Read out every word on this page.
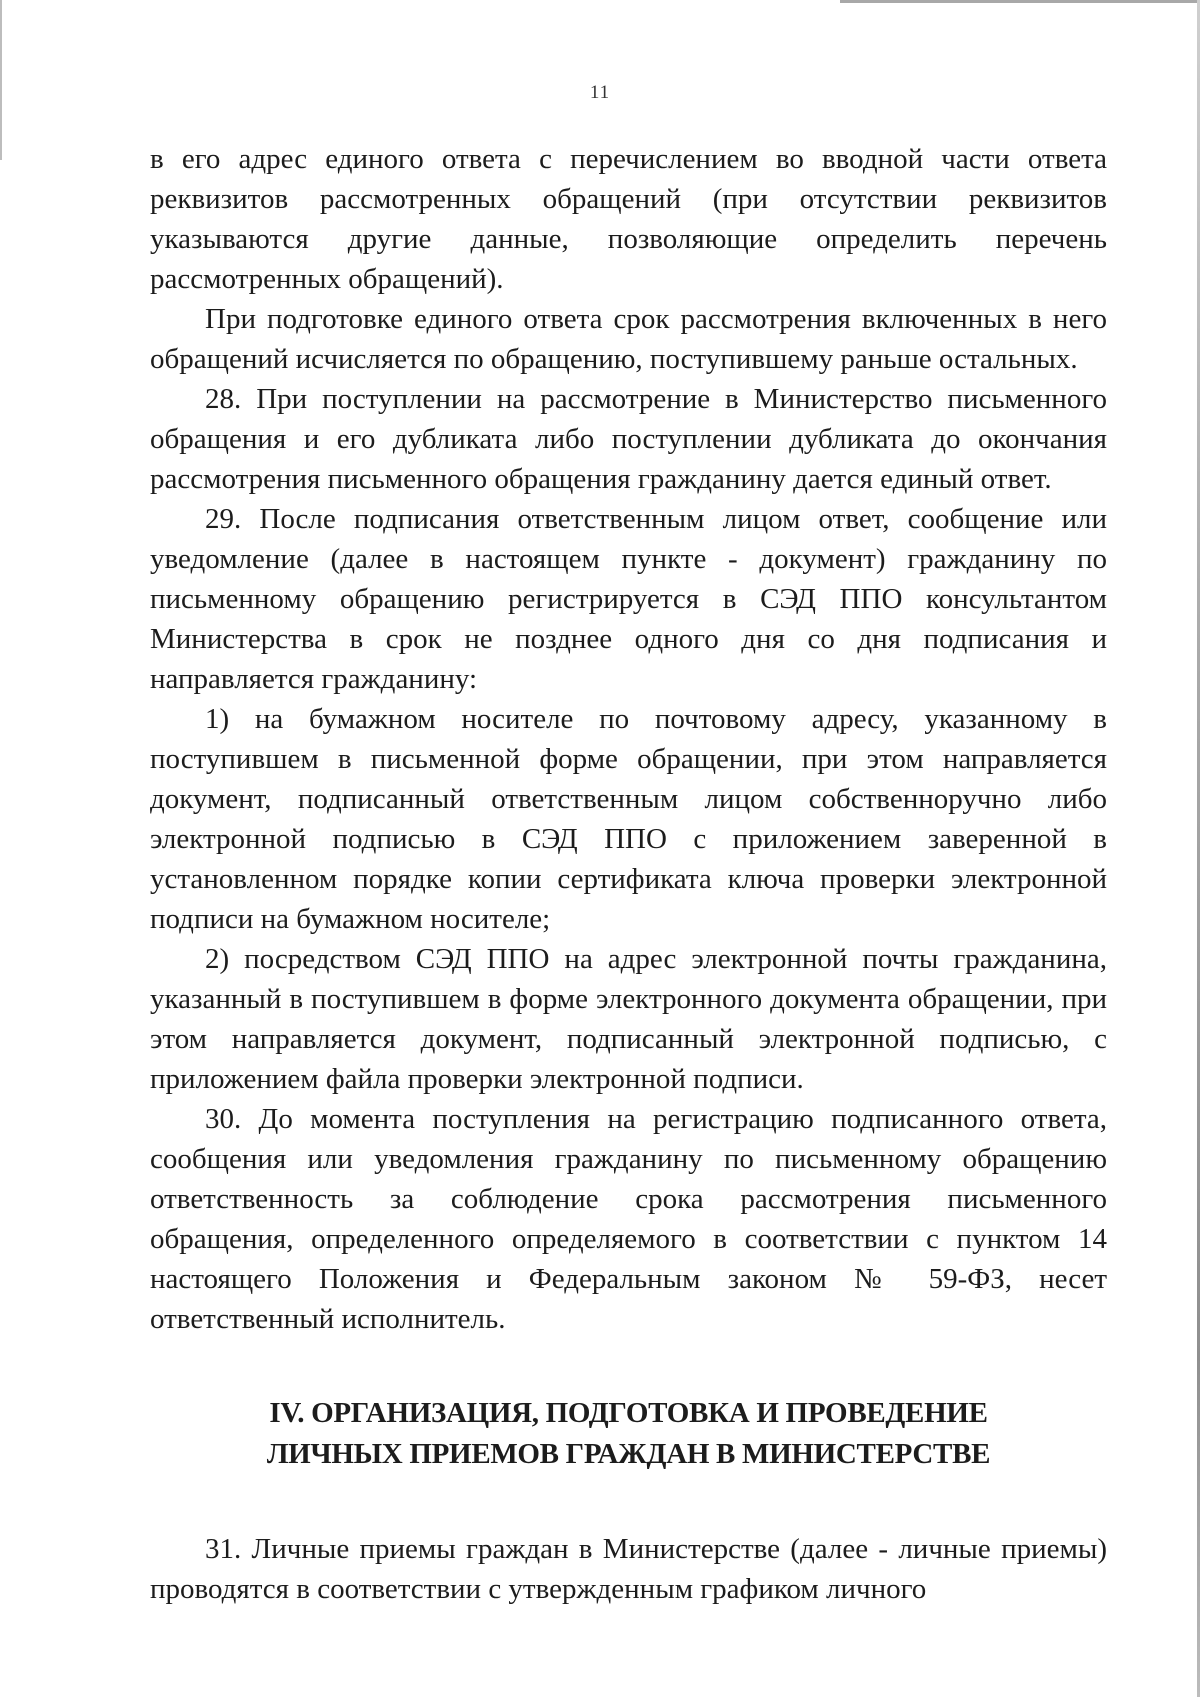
11

в его адрес единого ответа с перечислением во вводной части ответа реквизитов рассмотренных обращений (при отсутствии реквизитов указываются другие данные, позволяющие определить перечень рассмотренных обращений).

При подготовке единого ответа срок рассмотрения включенных в него обращений исчисляется по обращению, поступившему раньше остальных.

28. При поступлении на рассмотрение в Министерство письменного обращения и его дубликата либо поступлении дубликата до окончания рассмотрения письменного обращения гражданину дается единый ответ.

29. После подписания ответственным лицом ответ, сообщение или уведомление (далее в настоящем пункте - документ) гражданину по письменному обращению регистрируется в СЭД ППО консультантом Министерства в срок не позднее одного дня со дня подписания и направляется гражданину:

1) на бумажном носителе по почтовому адресу, указанному в поступившем в письменной форме обращении, при этом направляется документ, подписанный ответственным лицом собственноручно либо электронной подписью в СЭД ППО с приложением заверенной в установленном порядке копии сертификата ключа проверки электронной подписи на бумажном носителе;

2) посредством СЭД ППО на адрес электронной почты гражданина, указанный в поступившем в форме электронного документа обращении, при этом направляется документ, подписанный электронной подписью, с приложением файла проверки электронной подписи.

30. До момента поступления на регистрацию подписанного ответа, сообщения или уведомления гражданину по письменному обращению ответственность за соблюдение срока рассмотрения письменного обращения, определенного определяемого в соответствии с пунктом 14 настоящего Положения и Федеральным законом № 59-ФЗ, несет ответственный исполнитель.

IV. ОРГАНИЗАЦИЯ, ПОДГОТОВКА И ПРОВЕДЕНИЕ
ЛИЧНЫХ ПРИЕМОВ ГРАЖДАН В МИНИСТЕРСТВЕ

31. Личные приемы граждан в Министерстве (далее - личные приемы) проводятся в соответствии с утвержденным графиком личного
